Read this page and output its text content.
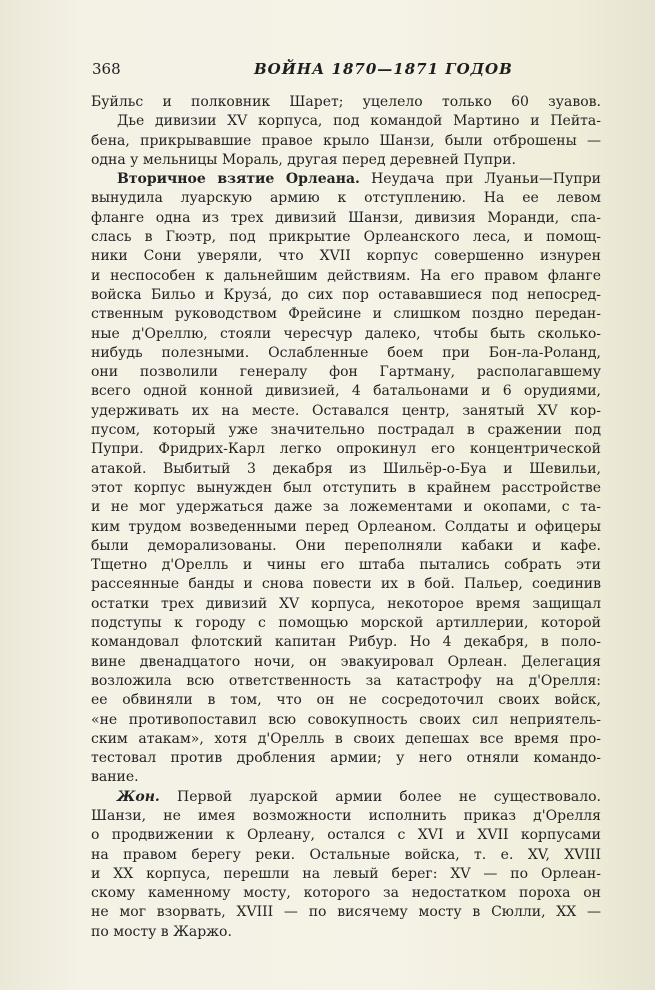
368	ВОЙНА 1870—1871 ГОДОВ
Буйльс и полковник Шарет; уцелело только 60 зуавов.
Дье дивизии XV корпуса, под командой Мартино и Пейта-
бена, прикрывавшие правое крыло Шанзи, были отброшены —
одна у мельницы Мораль, другая перед деревней Пупри.
Вторичное взятие Орлеана. Неудача при Луаньи—Пупри
вынудила луарскую армию к отступлению. На ее левом
фланге одна из трех дивизий Шанзи, дивизия Моранди, спа-
слась в Гюэтр, под прикрытие Орлеанского леса, и помощ-
ники Сони уверяли, что XVII корпус совершенно изнурен
и неспособен к дальнейшим действиям. На его правом фланге
войска Бильо и Крузá, до сих пор остававшиеся под непосред-
ственным руководством Фрейсине и слишком поздно передан-
ные д'Ореллю, стояли чересчур далеко, чтобы быть сколько-
нибудь полезными. Ослабленные боем при Бон-ла-Роланд,
они позволили генералу фон Гартману, располагавшему
всего одной конной дивизией, 4 батальонами и 6 орудиями,
удерживать их на месте. Оставался центр, занятый XV кор-
пусом, который уже значительно пострадал в сражении под
Пупри. Фридрих-Карл легко опрокинул его концентрической
атакой. Выбитый 3 декабря из Шильёр-о-Буа и Шевильи,
этот корпус вынужден был отступить в крайнем расстройстве
и не мог удержаться даже за ложементами и окопами, с та-
ким трудом возведенными перед Орлеаном. Солдаты и офицеры
были деморализованы. Они переполняли кабаки и кафе.
Тщетно д'Орелль и чины его штаба пытались собрать эти
рассеянные банды и снова повести их в бой. Пальер, соединив
остатки трех дивизий XV корпуса, некоторое время защищал
подступы к городу с помощью морской артиллерии, которой
командовал флотский капитан Рибур. Но 4 декабря, в поло-
вине двенадцатого ночи, он эвакуировал Орлеан. Делегация
возложила всю ответственность за катастрофу на д'Орелля:
ее обвиняли в том, что он не сосредоточил своих войск,
«не противопоставил всю совокупность своих сил неприятель-
ским атакам», хотя д'Орелль в своих депешах все время про-
тестовал против дробления армии; у него отняли командо-
вание.
Жон. Первой луарской армии более не существовало.
Шанзи, не имея возможности исполнить приказ д'Орелля
о продвижении к Орлеану, остался с XVI и XVII корпусами
на правом берегу реки. Остальные войска, т. е. XV, XVIII
и XX корпуса, перешли на левый берег: XV — по Орлеан-
скому каменному мосту, которого за недостатком пороха он
не мог взорвать, XVIII — по висячему мосту в Сюлли, XX —
по мосту в Жаржо.
